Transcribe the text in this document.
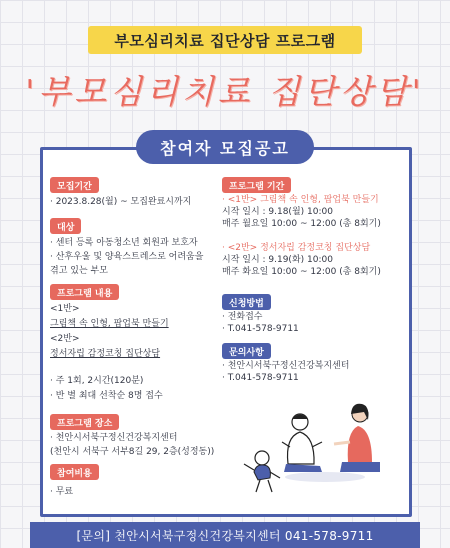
부모심리치료 집단상담 프로그램
'부모심리치료 집단상담'
참여자 모집공고
모집기간
· 2023.8.28(월) ~ 모집완료시까지
대상
· 센터 등록 아동청소년 회원과 보호자
· 산후우울 및 양육스트레스로 어려움을
겪고 있는 부모
프로그램 내용
<1반>
그림책 속 인형, 팝업북 만들기
<2반>
정서자립 감정코칭 집단상담
· 주 1회, 2시간(120분)
· 반 별 최대 선착순 8명 접수
프로그램 장소
· 천안시서북구정신건강복지센터
(천안시 서북구 서부8길 29, 2층(성정동))
참여비용
· 무료
프로그램 기간
· <1반> 그림책 속 인형, 팝업북 만들기
시작 일시 : 9.18(월) 10:00
매주 월요일 10:00 ~ 12:00 (총 8회기)
· <2반> 정서자립 감정코칭 집단상담
시작 일시 : 9.19(화) 10:00
매주 화요일 10:00 ~ 12:00 (총 8회기)
신청방법
· 전화접수
· T.041-578-9711
문의사항
· 천안시서북구정신건강복지센터
· T.041-578-9711
[문의] 천안시서북구정신건강복지센터 041-578-9711
